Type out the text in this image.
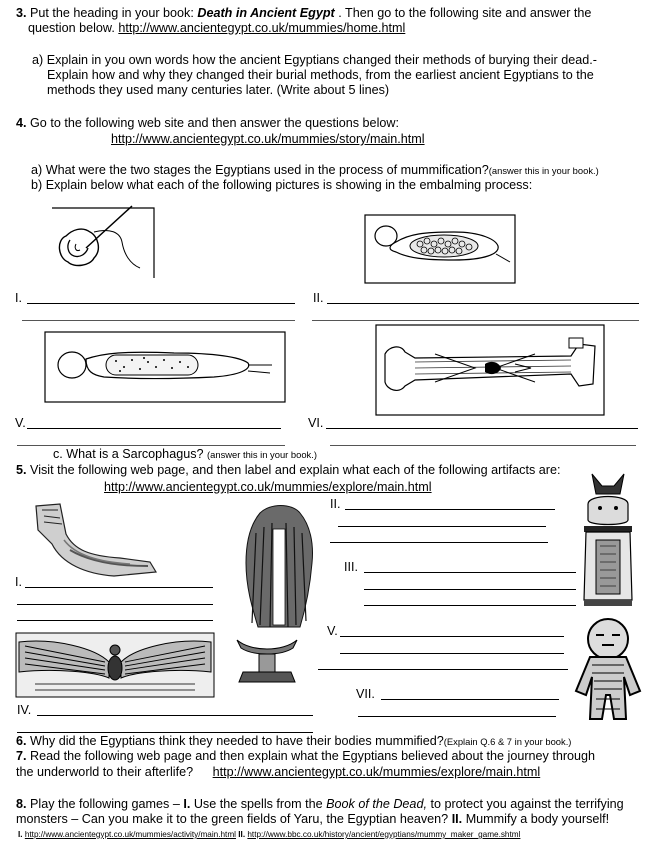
3. Put the heading in your book: Death in Ancient Egypt . Then go to the following site and answer the
question below. http://www.ancientegypt.co.uk/mummies/home.html
a) Explain in you own words how the ancient Egyptians changed their methods of burying their dead.-
Explain how and why they changed their burial methods, from the earliest ancient Egyptians to the
methods they used many centuries later. (Write about 5 lines)
4. Go to the following web site and then answer the questions below:
http://www.ancientegypt.co.uk/mummies/story/main.html
a) What were the two stages the Egyptians used in the process of mummification?(answer this in your book.)
b) Explain below what each of the following pictures is showing in the embalming process:
I.	II.
V.	VI.
c. What is a Sarcophagus? (answer this in your book.)
5. Visit the following web page, and then label and explain what each of the following artifacts are:
http://www.ancientegypt.co.uk/mummies/explore/main.html
II.
III.
I.
V.
VII.
IV.
6. Why did the Egyptians think they needed to have their bodies mummified?(Explain Q.6 & 7 in your book.)
7. Read the following web page and then explain what the Egyptians believed about the journey through
the underworld to their afterlife? http://www.ancientegypt.co.uk/mummies/explore/main.html
8. Play the following games – I. Use the spells from the Book of the Dead, to protect you against the terrifying
monsters – Can you make it to the green fields of Yaru, the Egyptian heaven? II. Mummify a body yourself!
I. http://www.ancientegypt.co.uk/mummies/activity/main.html II. http://www.bbc.co.uk/history/ancient/egyptians/mummy_maker_game.shtml
